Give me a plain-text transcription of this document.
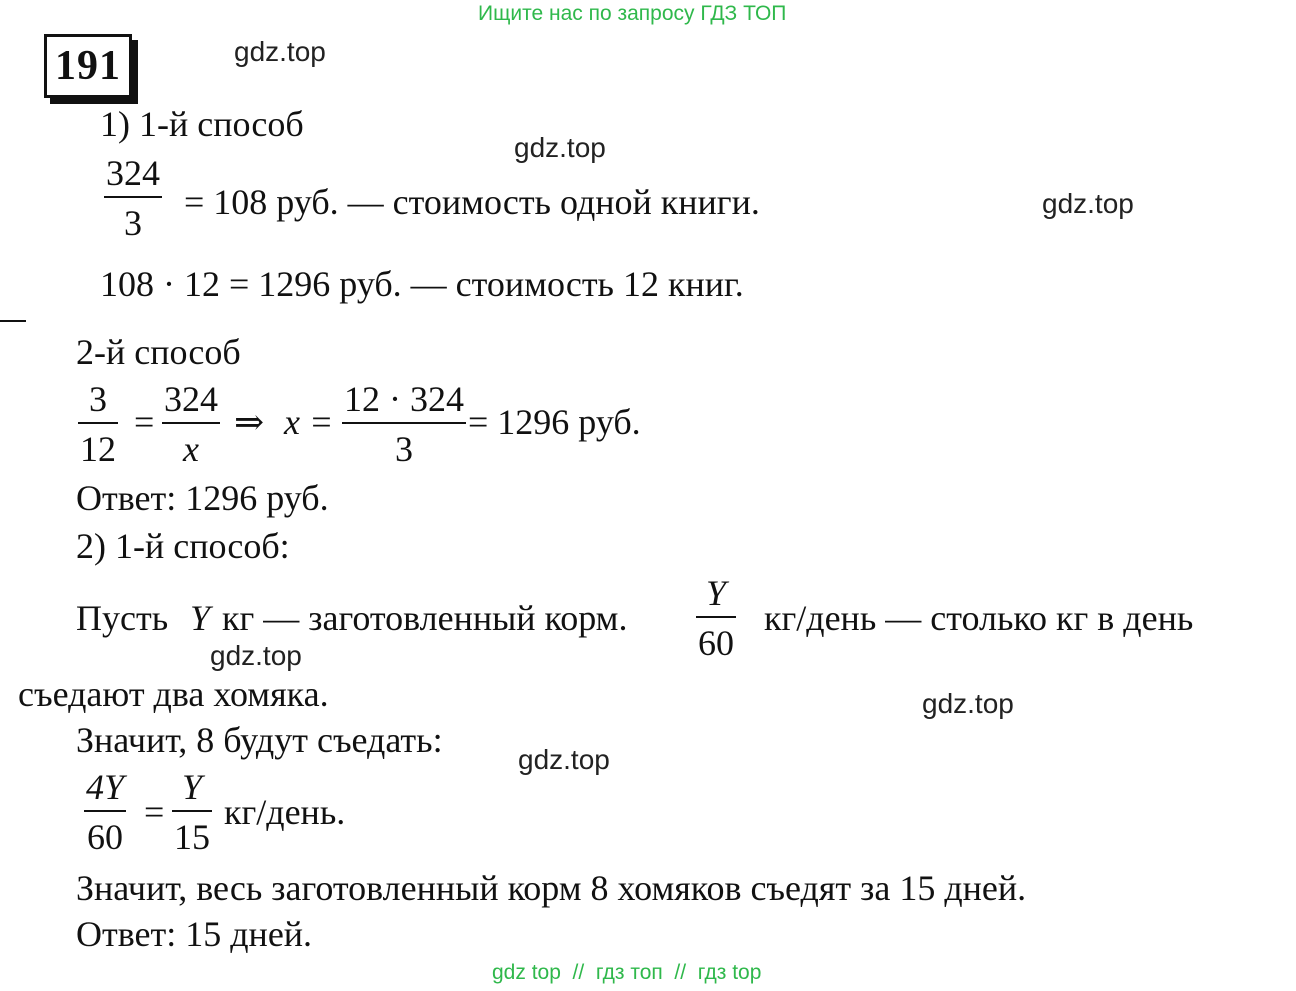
Ищите нас по запросу ГДЗ ТОП
191	gdz.top
gdz.top
gdz.top
gdz.top
gdz.top
gdz.top
1) 1-й способ
324
3
= 108 руб. — стоимость одной книги.
108 · 12 = 1296 руб. — стоимость 12 книг.
2-й способ
3
12
=
324
x
⇒ x =
12 · 324
3
= 1296 руб.
Ответ: 1296 руб.
2) 1-й способ:
Пусть Y кг — заготовленный корм.
Y
60
кг/день — столько кг в день
съедают два хомяка.
Значит, 8 будут съедать:
4Y
60
=
Y
15
кг/день.
Значит, весь заготовленный корм 8 хомяков съедят за 15 дней.
Ответ: 15 дней.
gdz top  //  гдз топ  //  гдз top
